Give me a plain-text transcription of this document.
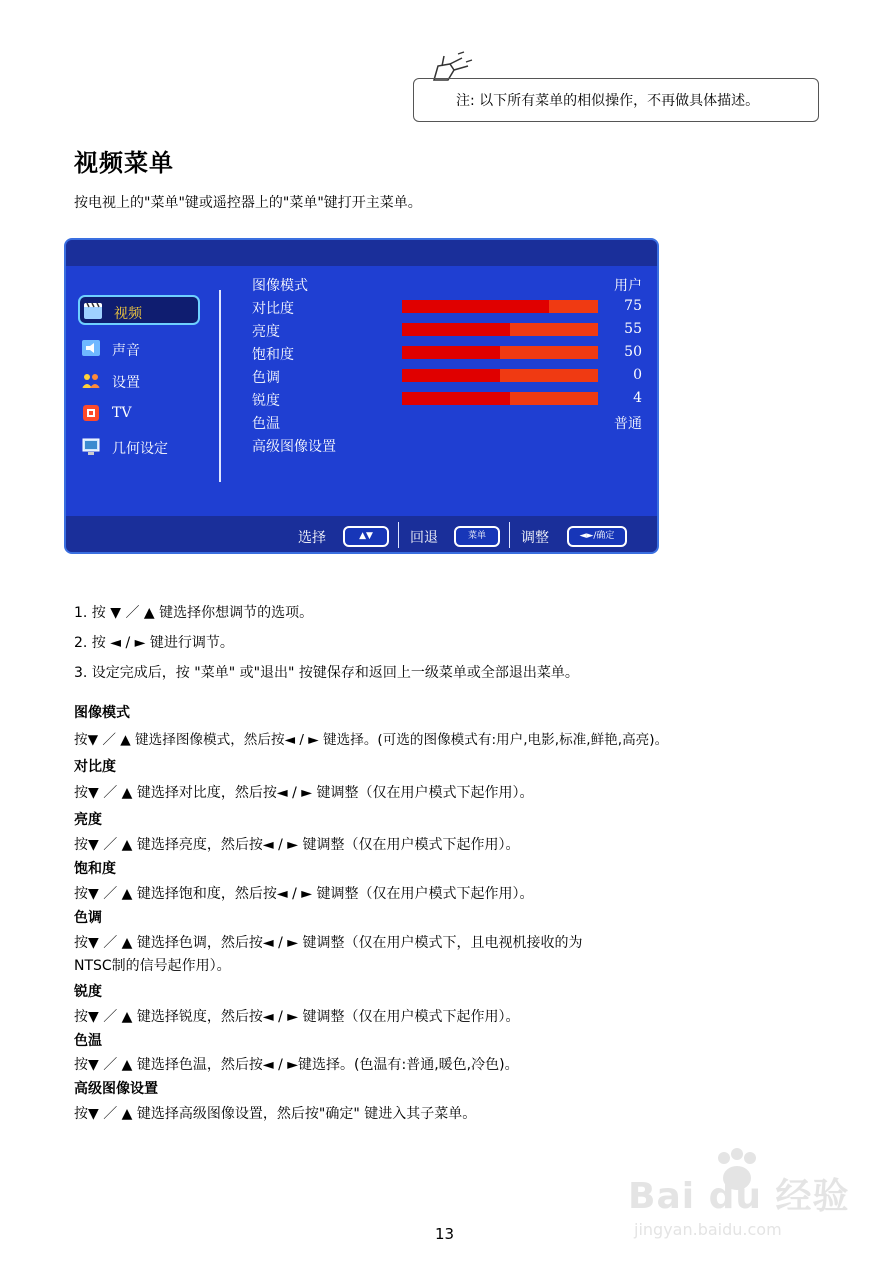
注: 以下所有菜单的相似操作，不再做具体描述。
视频菜单
按电视上的"菜单"键或遥控器上的"菜单"键打开主菜单。
视频
声音
设置
TV
几何设定
图像模式	用户
对比度	75
亮度	55
饱和度	50
色调	0
锐度	4
色温	普通
高级图像设置
选择	▲▼	回退	菜单	调整	◄►/确定
1. 按 ▼ ／ ▲ 键选择你想调节的选项。
2. 按 ◄ / ► 键进行调节。
3. 设定完成后，按 "菜单" 或"退出" 按键保存和返回上一级菜单或全部退出菜单。
图像模式
按▼ ／ ▲ 键选择图像模式，然后按◄ / ► 键选择。(可选的图像模式有:用户,电影,标准,鲜艳,高亮)。
对比度
按▼ ／ ▲ 键选择对比度，然后按◄ / ► 键调整（仅在用户模式下起作用）。
亮度
按▼ ／ ▲ 键选择亮度，然后按◄ / ► 键调整（仅在用户模式下起作用）。
饱和度
按▼ ／ ▲ 键选择饱和度，然后按◄ / ► 键调整（仅在用户模式下起作用）。
色调
按▼ ／ ▲ 键选择色调，然后按◄ / ► 键调整（仅在用户模式下，且电视机接收的为
NTSC制的信号起作用）。
锐度
按▼ ／ ▲ 键选择锐度，然后按◄ / ► 键调整（仅在用户模式下起作用）。
色温
按▼ ／ ▲ 键选择色温，然后按◄ / ►键选择。(色温有:普通,暖色,冷色)。
高级图像设置
按▼ ／ ▲ 键选择高级图像设置，然后按"确定" 键进入其子菜单。
Bai du 经验
jingyan.baidu.com
13
